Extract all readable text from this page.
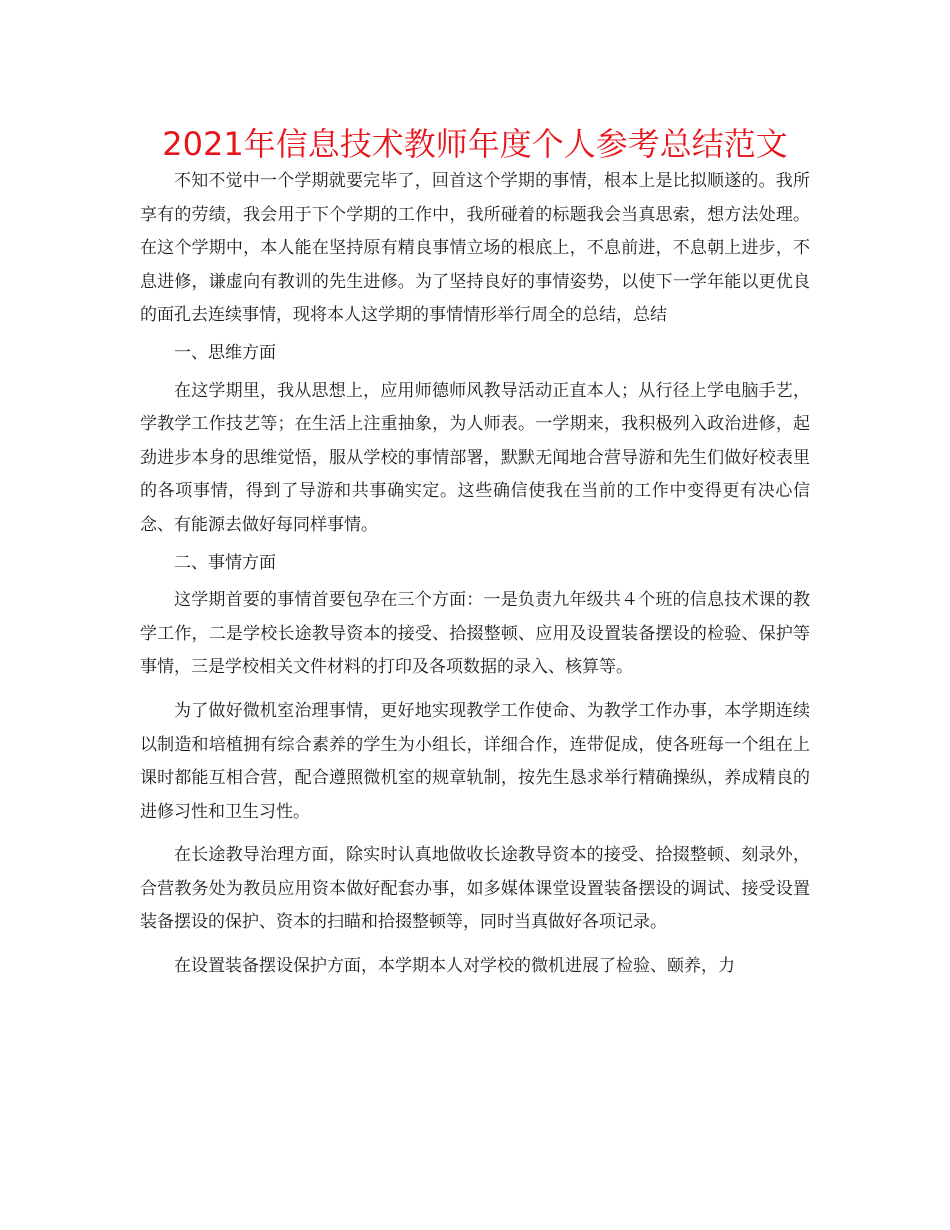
2021年信息技术教师年度个人参考总结范文

不知不觉中一个学期就要完毕了，回首这个学期的事情，根本上是比拟顺遂的。我所享有的劳绩，我会用于下个学期的工作中，我所碰着的标题我会当真思索，想方法处理。在这个学期中，本人能在坚持原有精良事情立场的根底上，不息前进，不息朝上进步，不息进修，谦虚向有教训的先生进修。为了坚持良好的事情姿势，以使下一学年能以更优良的面孔去连续事情，现将本人这学期的事情情形举行周全的总结，总结

一、思维方面

在这学期里，我从思想上，应用师德师风教导活动正直本人；从行径上学电脑手艺，学教学工作技艺等；在生活上注重抽象，为人师表。一学期来，我积极列入政治进修，起劲进步本身的思维觉悟，服从学校的事情部署，默默无闻地合营导游和先生们做好校表里的各项事情，得到了导游和共事确实定。这些确信使我在当前的工作中变得更有决心信念、有能源去做好每同样事情。

二、事情方面

这学期首要的事情首要包孕在三个方面：一是负责九年级共４个班的信息技术课的教学工作，二是学校长途教导资本的接受、拾掇整顿、应用及设置装备摆设的检验、保护等事情，三是学校相关文件材料的打印及各项数据的录入、核算等。

为了做好微机室治理事情，更好地实现教学工作使命、为教学工作办事，本学期连续以制造和培植拥有综合素养的学生为小组长，详细合作，连带促成，使各班每一个组在上课时都能互相合营，配合遵照微机室的规章轨制，按先生恳求举行精确操纵，养成精良的进修习性和卫生习性。

在长途教导治理方面，除实时认真地做收长途教导资本的接受、拾掇整顿、刻录外，合营教务处为教员应用资本做好配套办事，如多媒体课堂设置装备摆设的调试、接受设置装备摆设的保护、资本的扫瞄和拾掇整顿等，同时当真做好各项记录。

在设置装备摆设保护方面，本学期本人对学校的微机进展了检验、颐养，力
